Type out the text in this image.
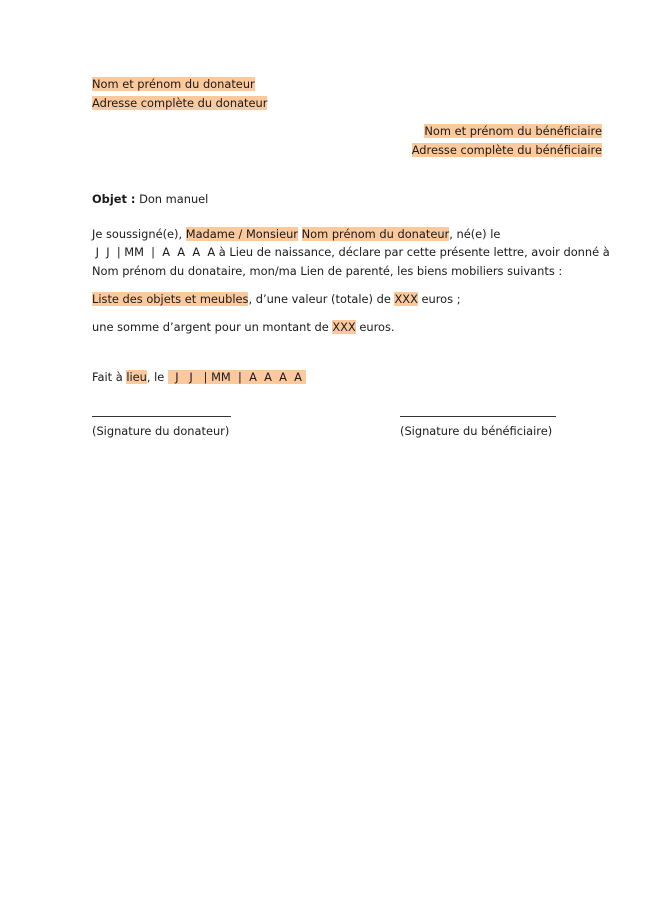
Nom et prénom du donateur
Adresse complète du donateur
Nom et prénom du bénéficiaire
Adresse complète du bénéficiaire
Objet : Don manuel
Je soussigné(e), Madame / Monsieur Nom prénom du donateur, né(e) le
J  J  | MM  |  A  A  A  A à Lieu de naissance, déclare par cette présente lettre, avoir donné à
Nom prénom du donataire, mon/ma Lien de parenté, les biens mobiliers suivants :
Liste des objets et meubles, d’une valeur (totale) de XXX euros ;
une somme d’argent pour un montant de XXX euros.
Fait à lieu, le   J   J   | MM  |  A  A  A  A
(Signature du donateur)	(Signature du bénéficiaire)
